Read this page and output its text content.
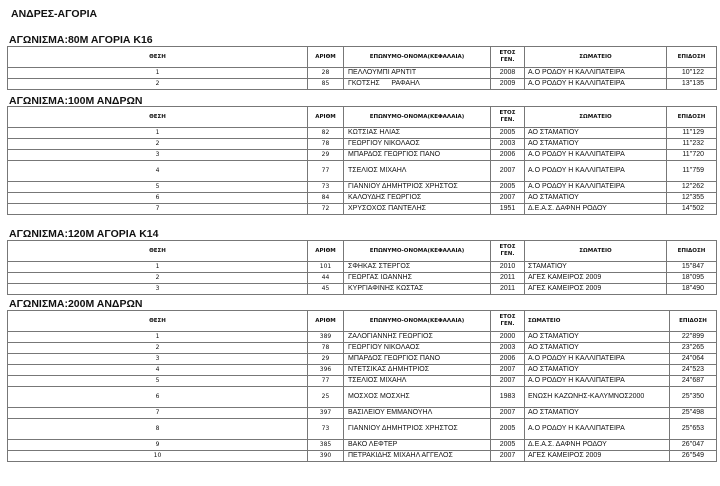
ΑΝΔΡΕΣ-ΑΓΟΡΙΑ
ΑΓΩΝΙΣΜΑ:80Μ ΑΓΟΡΙΑ Κ16
ΘΕΣΗ	ΑΡΙΘΜ	ΕΠΩΝΥΜΟ-ΟΝΟΜΑ(ΚΕΦΑΛΑΙΑ)	ΕΤΟΣ
ΓΕΝ.	ΣΩΜΑΤΕΙΟ	ΕΠΙΔΟΣΗ
1	28	ΠΕΛΛΟΥΜΠΙ ΑΡΝΤΙΤ	2008	Α.Ο ΡΟΔΟΥ Η ΚΑΛΛΙΠΑΤΕΙΡΑ	10''122
2	85	ΓΚΟΤΣΗΣ      ΡΑΦΑΗΛ	2009	Α.Ο ΡΟΔΟΥ Η ΚΑΛΛΙΠΑΤΕΙΡΑ	13''135
ΑΓΩΝΙΣΜΑ:100Μ ΑΝΔΡΩΝ
ΘΕΣΗ	ΑΡΙΘΜ	ΕΠΩΝΥΜΟ-ΟΝΟΜΑ(ΚΕΦΑΛΑΙΑ)	ΕΤΟΣ
ΓΕΝ.	ΣΩΜΑΤΕΙΟ	ΕΠΙΔΟΣΗ
1	82	ΚΩΤΣΙΑΣ ΗΛΙΑΣ	2005	ΑΟ ΣΤΑΜΑΤΙΟΥ	11''129
2	78	ΓΕΩΡΓΙΟΥ ΝΙΚΟΛΑΟΣ	2003	ΑΟ ΣΤΑΜΑΤΙΟΥ	11''232
3	29	ΜΠΑΡΔΟΣ ΓΕΩΡΓΙΟΣ ΠΑΝΟ	2006	Α.Ο ΡΟΔΟΥ Η ΚΑΛΛΙΠΑΤΕΙΡΑ	11''720
4	77	ΤΣΕΛΙΟΣ ΜΙΧΑΗΛ	2007	Α.Ο ΡΟΔΟΥ Η ΚΑΛΛΙΠΑΤΕΙΡΑ	11''759
5	73	ΓΙΑΝΝΙΟΥ ΔΗΜΗΤΡΙΟΣ ΧΡΗΣΤΟΣ	2005	Α.Ο ΡΟΔΟΥ Η ΚΑΛΛΙΠΑΤΕΙΡΑ	12''262
6	84	ΚΑΛΟΥΔΗΣ ΓΕΩΡΓΙΟΣ	2007	ΑΟ ΣΤΑΜΑΤΙΟΥ	12''355
7	72	ΧΡΥΣΟΧΟΣ ΠΑΝΤΕΛΗΣ	1951	Δ.Ε.Α.Σ. ΔΑΦΝΗ ΡΟΔΟΥ	14''502
ΑΓΩΝΙΣΜΑ:120Μ ΑΓΟΡΙΑ Κ14
ΘΕΣΗ	ΑΡΙΘΜ	ΕΠΩΝΥΜΟ-ΟΝΟΜΑ(ΚΕΦΑΛΑΙΑ)	ΕΤΟΣ
ΓΕΝ.	ΣΩΜΑΤΕΙΟ	ΕΠΙΔΟΣΗ
1	101	ΣΦΗΚΑΣ ΣΤΕΡΓΟΣ	2010	ΣΤΑΜΑΤΙΟΥ	15''847
2	44	ΓΕΩΡΓΑΣ ΙΩΑΝΝΗΣ	2011	ΑΓΕΣ ΚΑΜΕΙΡΟΣ 2009	18''095
3	45	ΚΥΡΓΙΑΦΙΝΗΣ ΚΩΣΤΑΣ	2011	ΑΓΕΣ ΚΑΜΕΙΡΟΣ 2009	18''490
ΑΓΩΝΙΣΜΑ:200Μ ΑΝΔΡΩΝ
ΘΕΣΗ	ΑΡΙΘΜ	ΕΠΩΝΥΜΟ-ΟΝΟΜΑ(ΚΕΦΑΛΑΙΑ)	ΕΤΟΣ
ΓΕΝ.	ΣΩΜΑΤΕΙΟ	ΕΠΙΔΟΣΗ
1	389	ΖΑΛΟΓΙΑΝΝΗΣ ΓΕΩΡΓΙΟΣ	2000	ΑΟ ΣΤΑΜΑΤΙΟΥ	22''899
2	78	ΓΕΩΡΓΙΟΥ ΝΙΚΟΛΑΟΣ	2003	ΑΟ ΣΤΑΜΑΤΙΟΥ	23''265
3	29	ΜΠΑΡΔΟΣ ΓΕΩΡΓΙΟΣ ΠΑΝΟ	2006	Α.Ο ΡΟΔΟΥ Η ΚΑΛΛΙΠΑΤΕΙΡΑ	24''064
4	396	ΝΤΕΤΣΙΚΑΣ ΔΗΜΗΤΡΙΟΣ	2007	ΑΟ ΣΤΑΜΑΤΙΟΥ	24''523
5	77	ΤΣΕΛΙΟΣ ΜΙΧΑΗΛ	2007	Α.Ο ΡΟΔΟΥ Η ΚΑΛΛΙΠΑΤΕΙΡΑ	24''687
6	25	ΜΟΣΧΟΣ ΜΟΣΧΗΣ	1983	ΕΝΩΣΗ ΚΑΖΩΝΗΣ-ΚΑΛΥΜΝΟΣ2000	25''350
7	397	ΒΑΣΙΛΕΙΟΥ ΕΜΜΑΝΟΥΗΛ	2007	ΑΟ ΣΤΑΜΑΤΙΟΥ	25''498
8	73	ΓΙΑΝΝΙΟΥ ΔΗΜΗΤΡΙΟΣ ΧΡΗΣΤΟΣ	2005	Α.Ο ΡΟΔΟΥ Η ΚΑΛΛΙΠΑΤΕΙΡΑ	25''653
9	385	ΒΑΚΟ ΛΕΦΤΕΡ	2005	Δ.Ε.Α.Σ. ΔΑΦΝΗ ΡΟΔΟΥ	26''047
10	390	ΠΕΤΡΑΚΙΔΗΣ ΜΙΧΑΗΛ ΑΓΓΕΛΟΣ	2007	ΑΓΕΣ ΚΑΜΕΙΡΟΣ 2009	26''549
